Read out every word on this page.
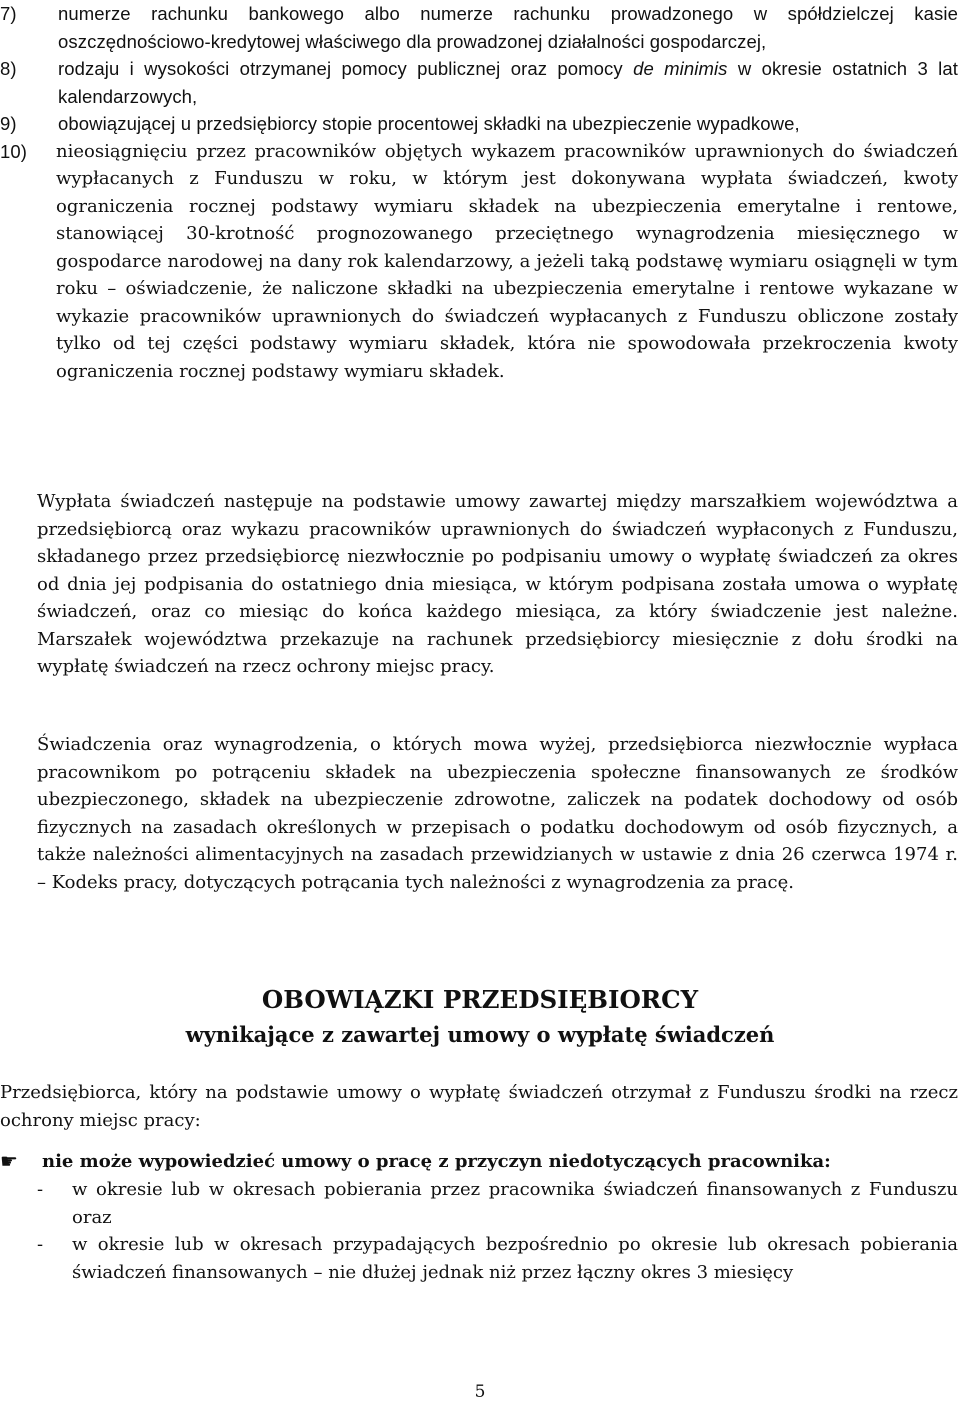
7)	numerze rachunku bankowego albo numerze rachunku prowadzonego w spółdzielczej kasie oszczędnościowo-kredytowej właściwego dla prowadzonej działalności gospodarczej,
8)	rodzaju i wysokości otrzymanej pomocy publicznej oraz pomocy de minimis w okresie ostatnich 3 lat kalendarzowych,
9)	obowiązującej u przedsiębiorcy stopie procentowej składki na ubezpieczenie wypadkowe,
10)	nieosiągnięciu przez pracowników objętych wykazem pracowników uprawnionych do świadczeń wypłacanych z Funduszu w roku, w którym jest dokonywana wypłata świadczeń, kwoty ograniczenia rocznej podstawy wymiaru składek na ubezpieczenia emerytalne i rentowe, stanowiącej 30-krotność prognozowanego przeciętnego wynagrodzenia miesięcznego w gospodarce narodowej na dany rok kalendarzowy, a jeżeli taką podstawę wymiaru osiągnęli w tym roku – oświadczenie, że naliczone składki na ubezpieczenia emerytalne i rentowe wykazane w wykazie pracowników uprawnionych do świadczeń wypłacanych z Funduszu obliczone zostały tylko od tej części podstawy wymiaru składek, która nie spowodowała przekroczenia kwoty ograniczenia rocznej podstawy wymiaru składek.

Wypłata świadczeń następuje na podstawie umowy zawartej między marszałkiem województwa a przedsiębiorcą oraz wykazu pracowników uprawnionych do świadczeń wypłaconych z Funduszu, składanego przez przedsiębiorcę niezwłocznie po podpisaniu umowy o wypłatę świadczeń za okres od dnia jej podpisania do ostatniego dnia miesiąca, w którym podpisana została umowa o wypłatę świadczeń, oraz co miesiąc do końca każdego miesiąca, za który świadczenie jest należne. Marszałek województwa przekazuje na rachunek przedsiębiorcy miesięcznie z dołu środki na wypłatę świadczeń na rzecz ochrony miejsc pracy.

Świadczenia oraz wynagrodzenia, o których mowa wyżej, przedsiębiorca niezwłocznie wypłaca pracownikom po potrąceniu składek na ubezpieczenia społeczne finansowanych ze środków ubezpieczonego, składek na ubezpieczenie zdrowotne, zaliczek na podatek dochodowy od osób fizycznych na zasadach określonych w przepisach o podatku dochodowym od osób fizycznych, a także należności alimentacyjnych na zasadach przewidzianych w ustawie z dnia 26 czerwca 1974 r. – Kodeks pracy, dotyczących potrącania tych należności z wynagrodzenia za pracę.

OBOWIĄZKI PRZEDSIĘBIORCY
wynikające z zawartej umowy o wypłatę świadczeń

Przedsiębiorca, który na podstawie umowy o wypłatę świadczeń otrzymał z Funduszu środki na rzecz ochrony miejsc pracy:

☛	nie może wypowiedzieć umowy o pracę z przyczyn niedotyczących pracownika:
-	w okresie lub w okresach pobierania przez pracownika świadczeń finansowanych z Funduszu oraz
-	w okresie lub w okresach przypadających bezpośrednio po okresie lub okresach pobierania świadczeń finansowanych – nie dłużej jednak niż przez łączny okres 3 miesięcy
5
